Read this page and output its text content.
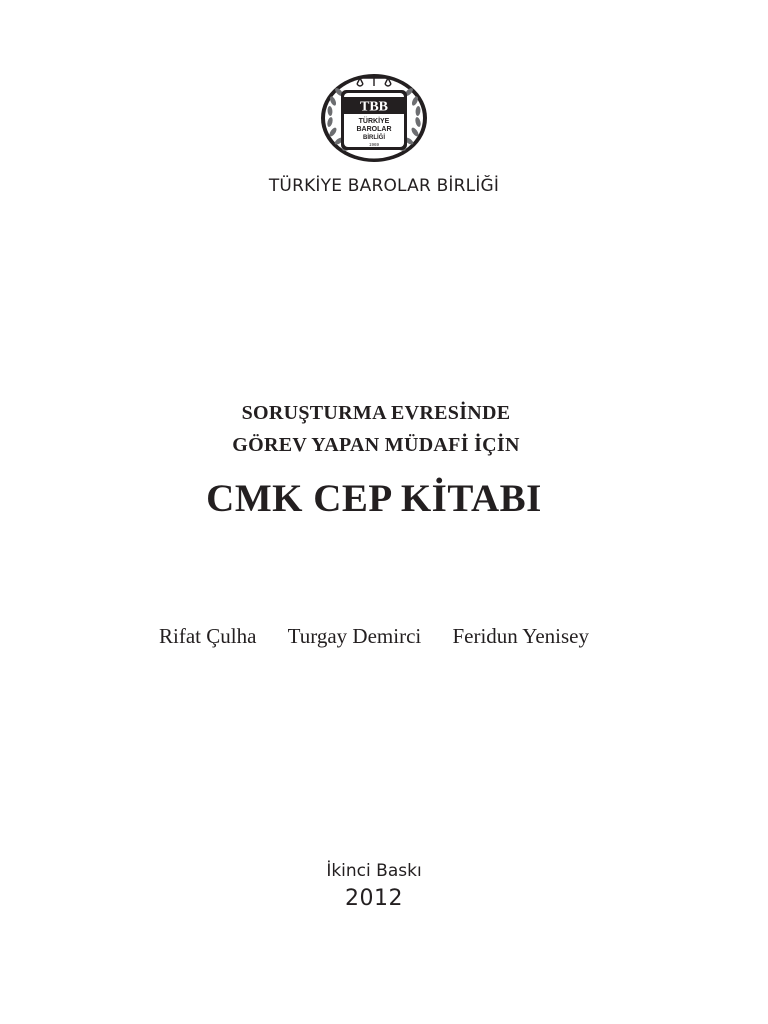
TBB
TÜRKİYE
BAROLAR
BİRLİĞİ
1969
TÜRKİYE BAROLAR BİRLİĞİ
SORUŞTURMA EVRESİNDE
GÖREV YAPAN MÜDAFİ İÇİN
CMK CEP KİTABI
Rifat Çulha Turgay Demirci Feridun Yenisey
İkinci Baskı
2012
